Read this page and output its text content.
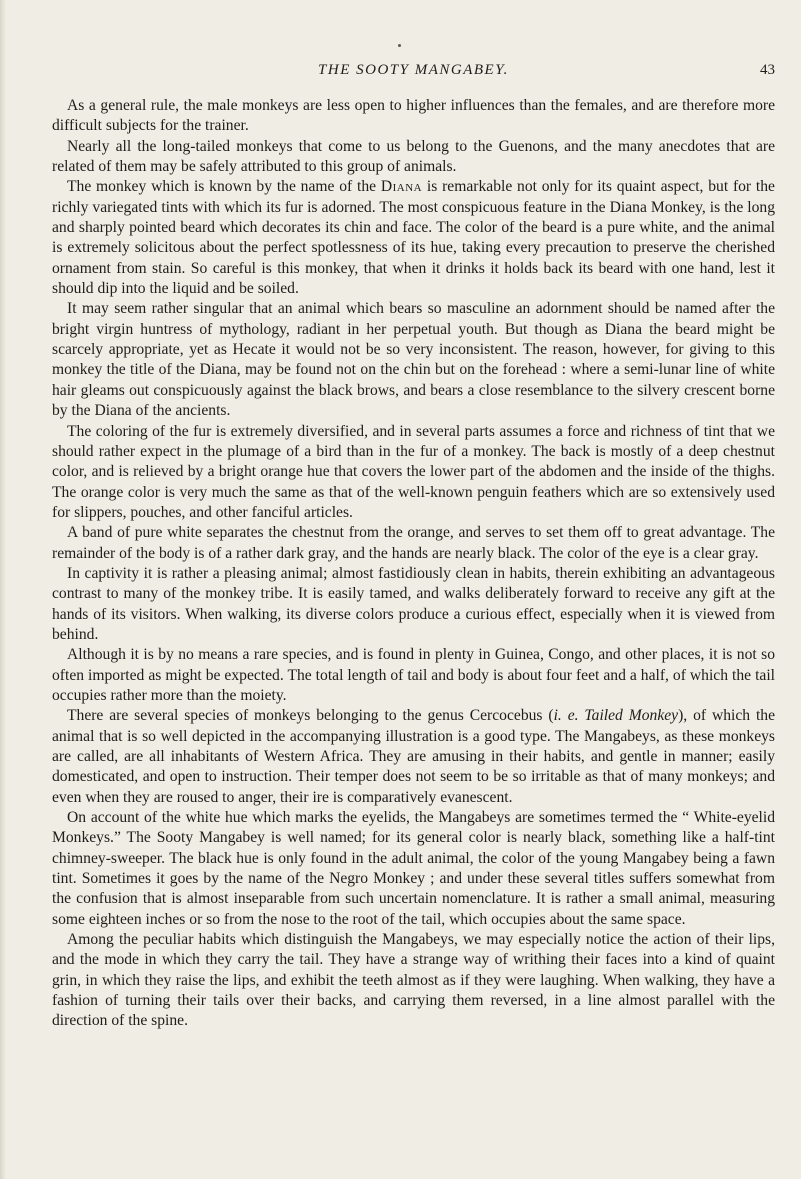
THE SOOTY MANGABEY.	43

As a general rule, the male monkeys are less open to higher influences than the females, and are therefore more difficult subjects for the trainer.

Nearly all the long-tailed monkeys that come to us belong to the Guenons, and the many anecdotes that are related of them may be safely attributed to this group of animals.

The monkey which is known by the name of the Diana is remarkable not only for its quaint aspect, but for the richly variegated tints with which its fur is adorned. The most conspicuous feature in the Diana Monkey, is the long and sharply pointed beard which decorates its chin and face. The color of the beard is a pure white, and the animal is extremely solicitous about the perfect spotlessness of its hue, taking every precaution to preserve the cherished ornament from stain. So careful is this monkey, that when it drinks it holds back its beard with one hand, lest it should dip into the liquid and be soiled.

It may seem rather singular that an animal which bears so masculine an adornment should be named after the bright virgin huntress of mythology, radiant in her perpetual youth. But though as Diana the beard might be scarcely appropriate, yet as Hecate it would not be so very inconsistent. The reason, however, for giving to this monkey the title of the Diana, may be found not on the chin but on the forehead : where a semi-lunar line of white hair gleams out conspicuously against the black brows, and bears a close resemblance to the silvery crescent borne by the Diana of the ancients.

The coloring of the fur is extremely diversified, and in several parts assumes a force and richness of tint that we should rather expect in the plumage of a bird than in the fur of a monkey. The back is mostly of a deep chestnut color, and is relieved by a bright orange hue that covers the lower part of the abdomen and the inside of the thighs. The orange color is very much the same as that of the well-known penguin feathers which are so extensively used for slippers, pouches, and other fanciful articles.

A band of pure white separates the chestnut from the orange, and serves to set them off to great advantage. The remainder of the body is of a rather dark gray, and the hands are nearly black. The color of the eye is a clear gray.

In captivity it is rather a pleasing animal; almost fastidiously clean in habits, therein exhibiting an advantageous contrast to many of the monkey tribe. It is easily tamed, and walks deliberately forward to receive any gift at the hands of its visitors. When walking, its diverse colors produce a curious effect, especially when it is viewed from behind.

Although it is by no means a rare species, and is found in plenty in Guinea, Congo, and other places, it is not so often imported as might be expected. The total length of tail and body is about four feet and a half, of which the tail occupies rather more than the moiety.

There are several species of monkeys belonging to the genus Cercocebus (i. e. Tailed Monkey), of which the animal that is so well depicted in the accompanying illustration is a good type. The Mangabeys, as these monkeys are called, are all inhabitants of Western Africa. They are amusing in their habits, and gentle in manner; easily domesticated, and open to instruction. Their temper does not seem to be so irritable as that of many monkeys; and even when they are roused to anger, their ire is comparatively evanescent.

On account of the white hue which marks the eyelids, the Mangabeys are sometimes termed the “ White-eyelid Monkeys.” The Sooty Mangabey is well named; for its general color is nearly black, something like a half-tint chimney-sweeper. The black hue is only found in the adult animal, the color of the young Mangabey being a fawn tint. Sometimes it goes by the name of the Negro Monkey ; and under these several titles suffers somewhat from the confusion that is almost inseparable from such uncertain nomenclature. It is rather a small animal, measuring some eighteen inches or so from the nose to the root of the tail, which occupies about the same space.

Among the peculiar habits which distinguish the Mangabeys, we may especially notice the action of their lips, and the mode in which they carry the tail. They have a strange way of writhing their faces into a kind of quaint grin, in which they raise the lips, and exhibit the teeth almost as if they were laughing. When walking, they have a fashion of turning their tails over their backs, and carrying them reversed, in a line almost parallel with the direction of the spine.
